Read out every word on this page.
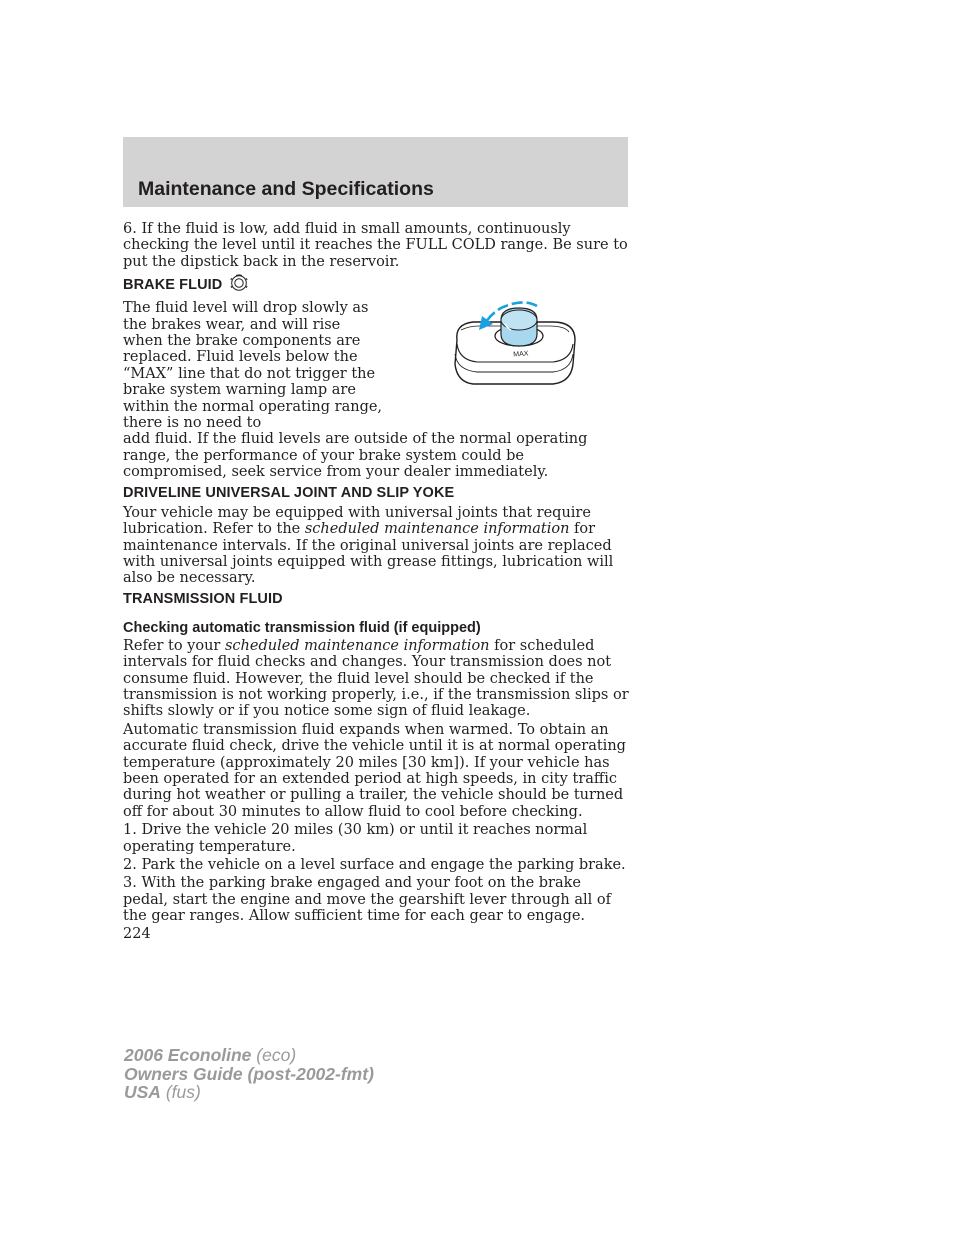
Maintenance and Specifications

6. If the fluid is low, add fluid in small amounts, continuously checking the level until it reaches the FULL COLD range. Be sure to put the dipstick back in the reservoir.

BRAKE FLUID

The fluid level will drop slowly as the brakes wear, and will rise when the brake components are replaced. Fluid levels below the “MAX” line that do not trigger the brake system warning lamp are within the normal operating range, there is no need to

MAX

add fluid. If the fluid levels are outside of the normal operating range, the performance of your brake system could be compromised, seek service from your dealer immediately.

DRIVELINE UNIVERSAL JOINT AND SLIP YOKE

Your vehicle may be equipped with universal joints that require lubrication. Refer to the scheduled maintenance information for maintenance intervals. If the original universal joints are replaced with universal joints equipped with grease fittings, lubrication will also be necessary.

TRANSMISSION FLUID
Checking automatic transmission fluid (if equipped)

Refer to your scheduled maintenance information for scheduled intervals for fluid checks and changes. Your transmission does not consume fluid. However, the fluid level should be checked if the transmission is not working properly, i.e., if the transmission slips or shifts slowly or if you notice some sign of fluid leakage.

Automatic transmission fluid expands when warmed. To obtain an accurate fluid check, drive the vehicle until it is at normal operating temperature (approximately 20 miles [30 km]). If your vehicle has been operated for an extended period at high speeds, in city traffic during hot weather or pulling a trailer, the vehicle should be turned off for about 30 minutes to allow fluid to cool before checking.

1. Drive the vehicle 20 miles (30 km) or until it reaches normal operating temperature.

2. Park the vehicle on a level surface and engage the parking brake.

3. With the parking brake engaged and your foot on the brake pedal, start the engine and move the gearshift lever through all of the gear ranges. Allow sufficient time for each gear to engage.

224
2006 Econoline (eco)
Owners Guide (post-2002-fmt)
USA (fus)
